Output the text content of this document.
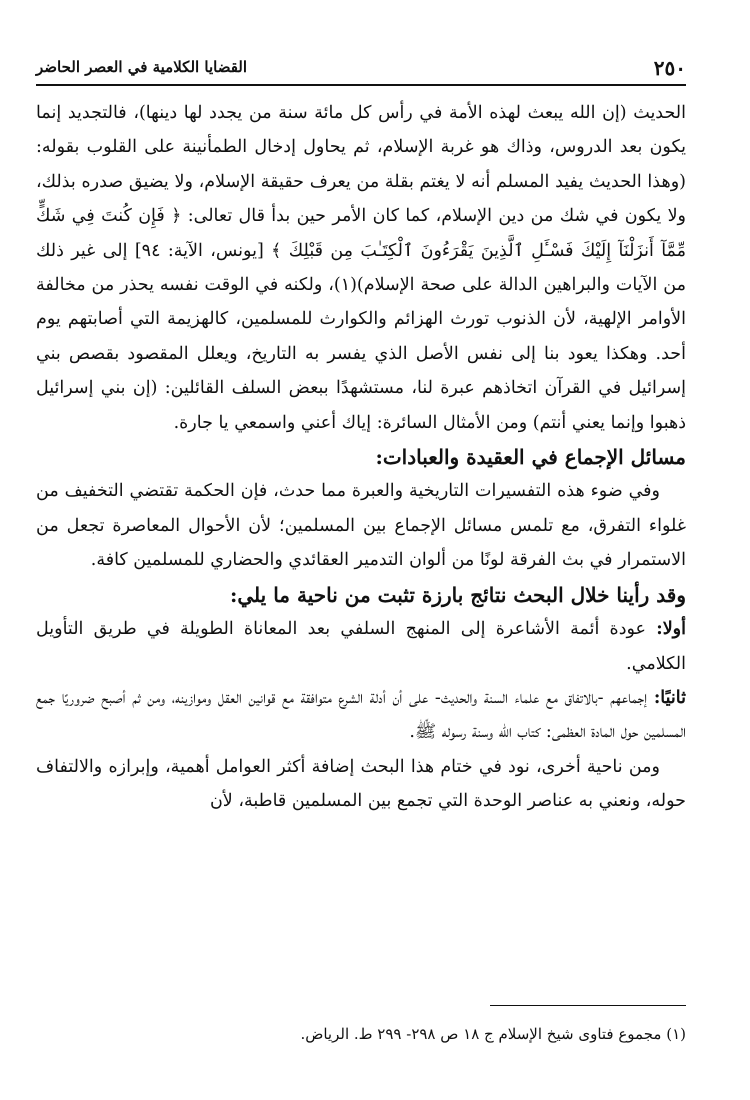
٢٥٠
القضايا الكلامية في العصر الحاضر

الحديث (إن الله يبعث لهذه الأمة في رأس كل مائة سنة من يجدد لها دينها)، فالتجديد إنما يكون بعد الدروس، وذاك هو غربة الإسلام، ثم يحاول إدخال الطمأنينة على القلوب بقوله: (وهذا الحديث يفيد المسلم أنه لا يغتم بقلة من يعرف حقيقة الإسلام، ولا يضيق صدره بذلك، ولا يكون في شك من دين الإسلام، كما كان الأمر حين بدأ قال تعالى: ﴿ فَإِن كُنتَ فِي شَكٍّ مِّمَّآ أَنزَلْنَآ إِلَيْكَ فَسْـَٔلِ ٱلَّذِينَ يَقْرَءُونَ ٱلْكِتَـٰبَ مِن قَبْلِكَ ﴾ [يونس، الآية: ٩٤] إلى غير ذلك من الآيات والبراهين الدالة على صحة الإسلام)(١)، ولكنه في الوقت نفسه يحذر من مخالفة الأوامر الإلهية، لأن الذنوب تورث الهزائم والكوارث للمسلمين، كالهزيمة التي أصابتهم يوم أحد. وهكذا يعود بنا إلى نفس الأصل الذي يفسر به التاريخ، ويعلل المقصود بقصص بني إسرائيل في القرآن اتخاذهم عبرة لنا، مستشهدًا ببعض السلف القائلين: (إن بني إسرائيل ذهبوا وإنما يعني أنتم) ومن الأمثال السائرة: إياك أعني واسمعي يا جارة.

مسائل الإجماع في العقيدة والعبادات:

وفي ضوء هذه التفسيرات التاريخية والعبرة مما حدث، فإن الحكمة تقتضي التخفيف من غلواء التفرق، مع تلمس مسائل الإجماع بين المسلمين؛ لأن الأحوال المعاصرة تجعل من الاستمرار في بث الفرقة لونًا من ألوان التدمير العقائدي والحضاري للمسلمين كافة.

وقد رأينا خلال البحث نتائج بارزة تثبت من ناحية ما يلي:

أولا: عودة أئمة الأشاعرة إلى المنهج السلفي بعد المعاناة الطويلة في طريق التأويل الكلامي.

ثانيًا: إجماعهم -بالاتفاق مع علماء السنة والحديث- على أن أدلة الشرع متوافقة مع قوانين العقل وموازينه، ومن ثم أصبح ضروريًا جمع المسلمين حول المادة العظمى: كتاب الله وسنة رسوله ﷺ.

ومن ناحية أخرى، نود في ختام هذا البحث إضافة أكثر العوامل أهمية، وإبرازه والالتفاف حوله، ونعني به عناصر الوحدة التي تجمع بين المسلمين قاطبة، لأن

(١) مجموع فتاوى شيخ الإسلام ج ١٨ ص ٢٩٨- ٢٩٩ ط. الرياض.
